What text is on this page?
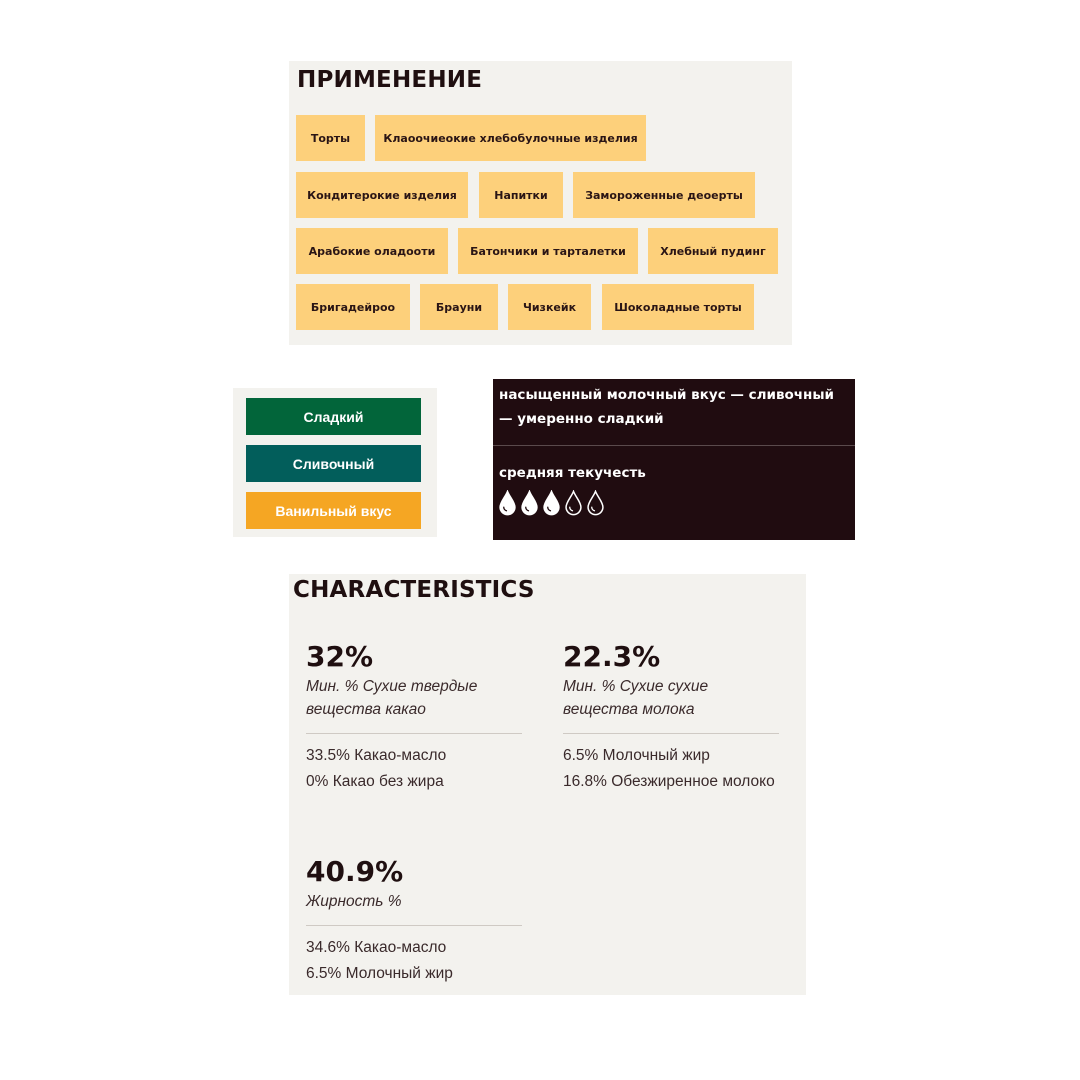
ПРИМЕНЕНИЕ
Торты	Клаоочиеокие хлебобулочные изделия
Кондитерокие изделия	Напитки	Замороженные деоерты
Арабокие оладооти	Батончики и тарталетки	Хлебный пудинг
Бригадейроо	Брауни	Чизкейк	Шоколадные торты
Сладкий
Сливочный
Ванильный вкус

насыщенный молочный вкус — сливочный — умеренно сладкий

средняя текучесть
CHARACTERISTICS
32%
Мин. % Сухие твердые вещества какао
33.5% Какао-масло
0% Какао без жира
22.3%
Мин. % Сухие сухие вещества молока
6.5% Молочный жир
16.8% Обезжиренное молоко
40.9%
Жирность %
34.6% Какао-масло
6.5% Молочный жир
